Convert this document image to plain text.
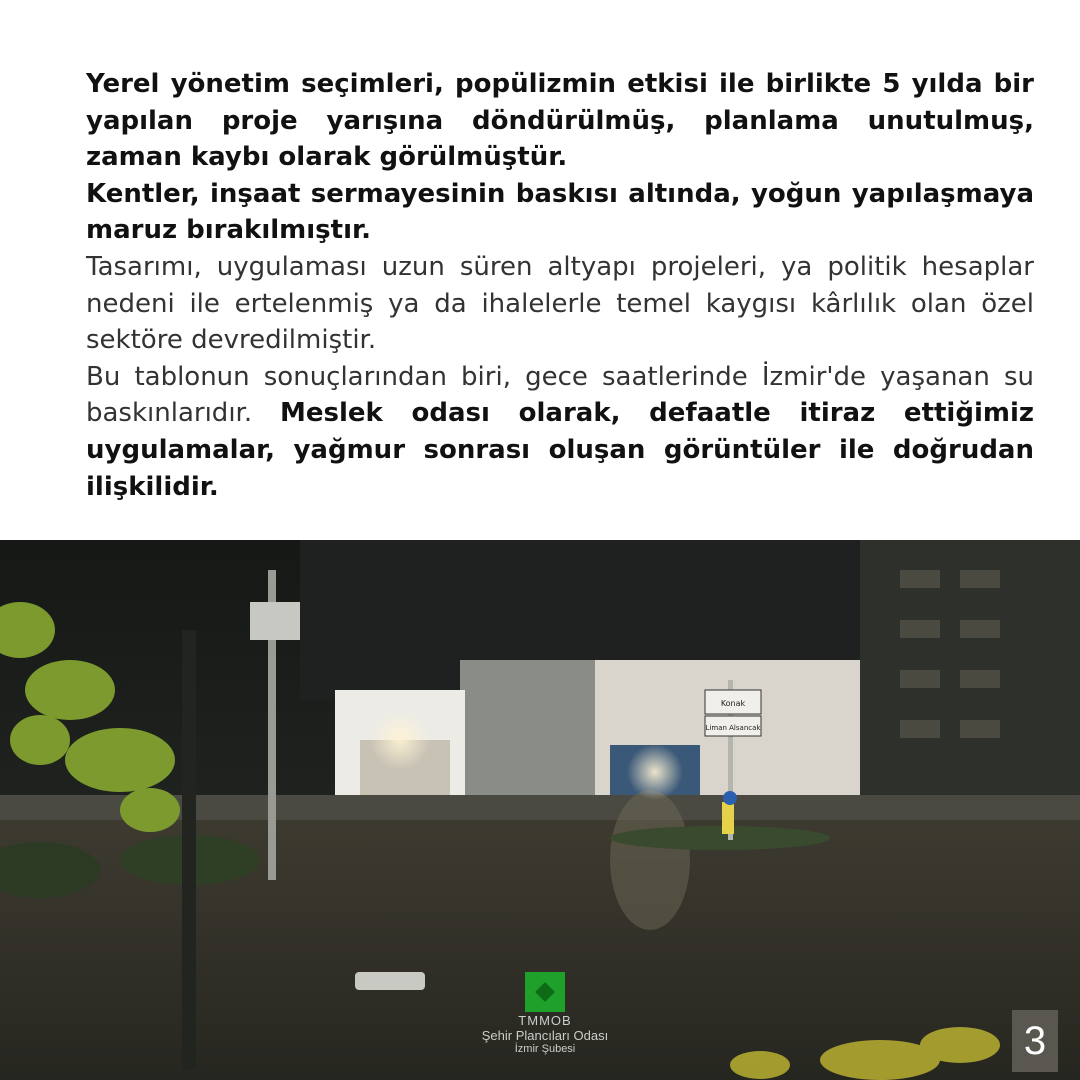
Yerel yönetim seçimleri, popülizmin etkisi ile birlikte 5 yılda bir yapılan proje yarışına döndürülmüş, planlama unutulmuş, zaman kaybı olarak görülmüştür.

Kentler, inşaat sermayesinin baskısı altında, yoğun yapılaşmaya maruz bırakılmıştır.

Tasarımı, uygulaması uzun süren altyapı projeleri, ya politik hesaplar nedeni ile ertelenmiş ya da ihalelerle temel kaygısı kârlılık olan özel sektöre devredilmiştir.

Bu tablonun sonuçlarından biri, gece saatlerinde İzmir'de yaşanan su baskınlarıdır. Meslek odası olarak, defaatle itiraz ettiğimiz uygulamalar, yağmur sonrası oluşan görüntüler ile doğrudan ilişkilidir.

Konak
Liman Alsancak
TMMOB
Şehir Plancıları Odası
İzmir Şubesi	3
